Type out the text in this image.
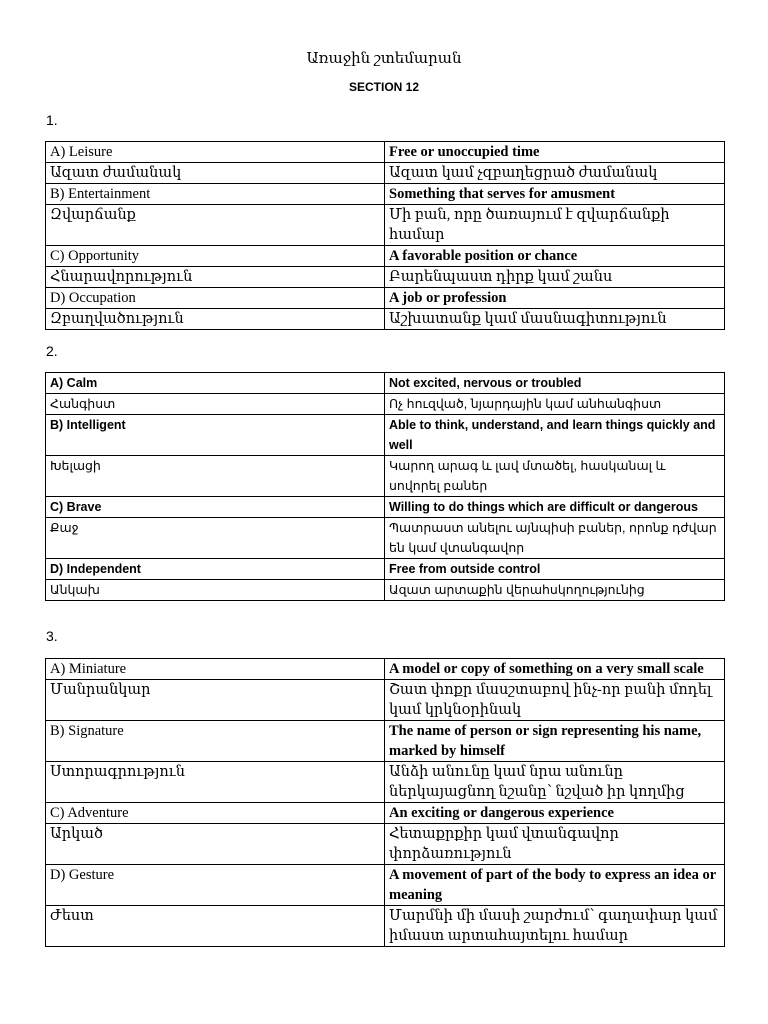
Առաջին շտեմարան
SECTION 12
1.
A) Leisure	Free or unoccupied time
Ազատ ժամանակ	Ազատ կամ չզբաղեցրած ժամանակ
B) Entertainment	Something that serves for amusment
Զվարճանք	Մի բան, որը ծառայում է զվարճանքի համար
C) Opportunity	A favorable position or chance
Հնարավորություն	Բարենպաստ դիրք կամ շանս
D) Occupation	A job or profession
Զբաղվածություն	Աշխատանք կամ մասնագիտություն
2.
A) Calm	Not excited, nervous or troubled
Հանգիստ	Ոչ հուզված, նյարդային կամ անհանգիստ
B) Intelligent	Able to think, understand, and learn things quickly and well
Խելացի	Կարող արագ և լավ մտածել, հասկանալ և սովորել բաներ
C) Brave	Willing to do things which are difficult or dangerous
Քաջ	Պատրաստ անելու այնպիսի բաներ, որոնք դժվար են կամ վտանգավոր
D) Independent	Free from outside control
Անկախ	Ազատ արտաքին վերահսկողությունից
3.
A) Miniature	A model or copy of something on a very small scale
Մանրանկար	Շատ փոքր մասշտաբով ինչ-որ բանի մոդել կամ կրկնօրինակ
B) Signature	The name of person or sign representing his name, marked by himself
Ստորագրություն	Անձի անունը կամ նրա անունը ներկայացնող նշանը՝ նշված իր կողմից
C) Adventure	An exciting or dangerous experience
Արկած	Հետաքրքիր կամ վտանգավոր փորձառություն
D) Gesture	A movement of part of the body to express an idea or meaning
Ժեստ	Մարմնի մի մասի շարժում՝ գաղափար կամ իմաստ արտահայտելու համար
